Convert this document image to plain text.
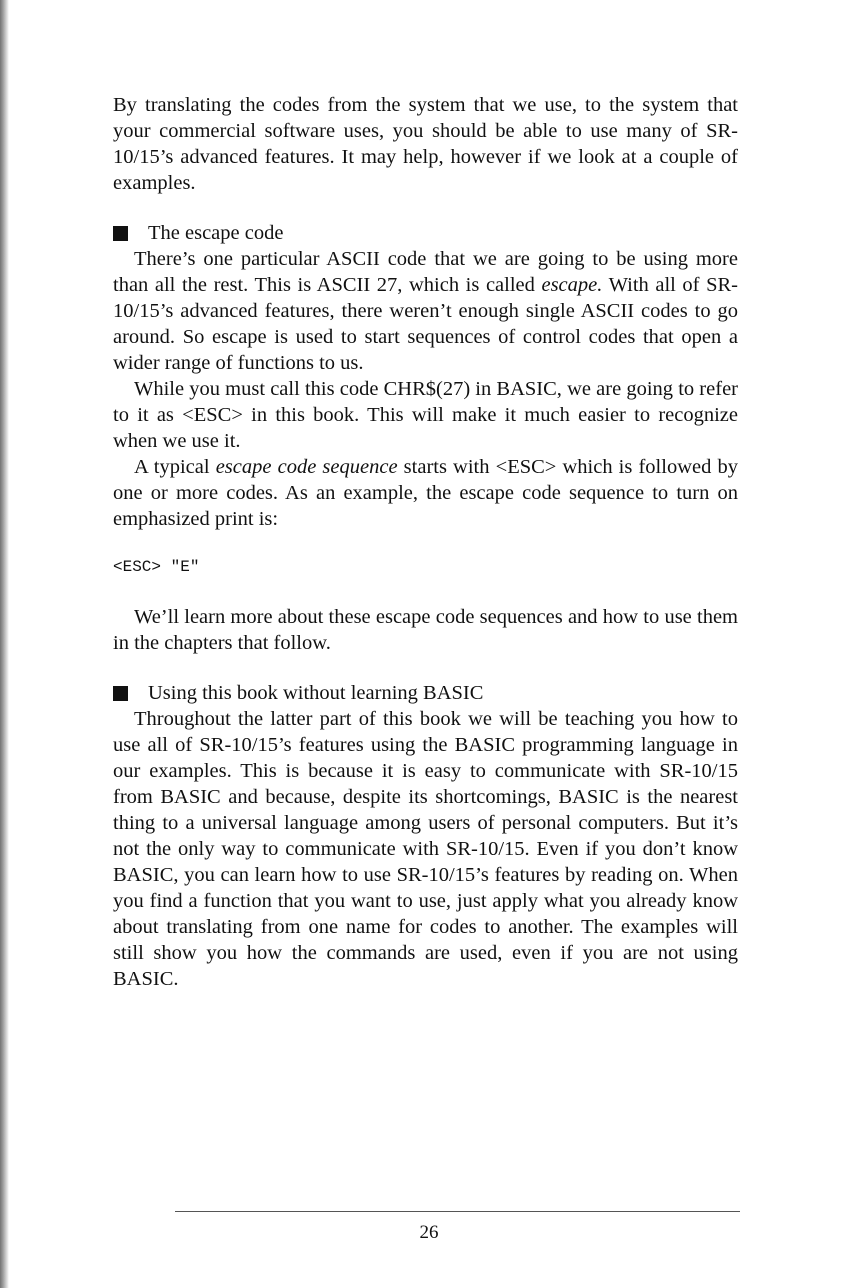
By translating the codes from the system that we use, to the system that your commercial software uses, you should be able to use many of SR-10/15’s advanced features. It may help, however if we look at a couple of examples.

The escape code

There’s one particular ASCII code that we are going to be using more than all the rest. This is ASCII 27, which is called escape. With all of SR-10/15’s advanced features, there weren’t enough single ASCII codes to go around. So escape is used to start sequences of control codes that open a wider range of functions to us.

While you must call this code CHR$(27) in BASIC, we are going to refer to it as <ESC> in this book. This will make it much easier to recognize when we use it.

A typical escape code sequence starts with <ESC> which is followed by one or more codes. As an example, the escape code sequence to turn on emphasized print is:

<ESC> "E"

We’ll learn more about these escape code sequences and how to use them in the chapters that follow.

Using this book without learning BASIC

Throughout the latter part of this book we will be teaching you how to use all of SR-10/15’s features using the BASIC programming language in our examples. This is because it is easy to communicate with SR-10/15 from BASIC and because, despite its shortcomings, BASIC is the nearest thing to a universal language among users of personal computers. But it’s not the only way to communicate with SR-10/15. Even if you don’t know BASIC, you can learn how to use SR-10/15’s features by reading on. When you find a function that you want to use, just apply what you already know about translating from one name for codes to another. The examples will still show you how the commands are used, even if you are not using BASIC.

26
